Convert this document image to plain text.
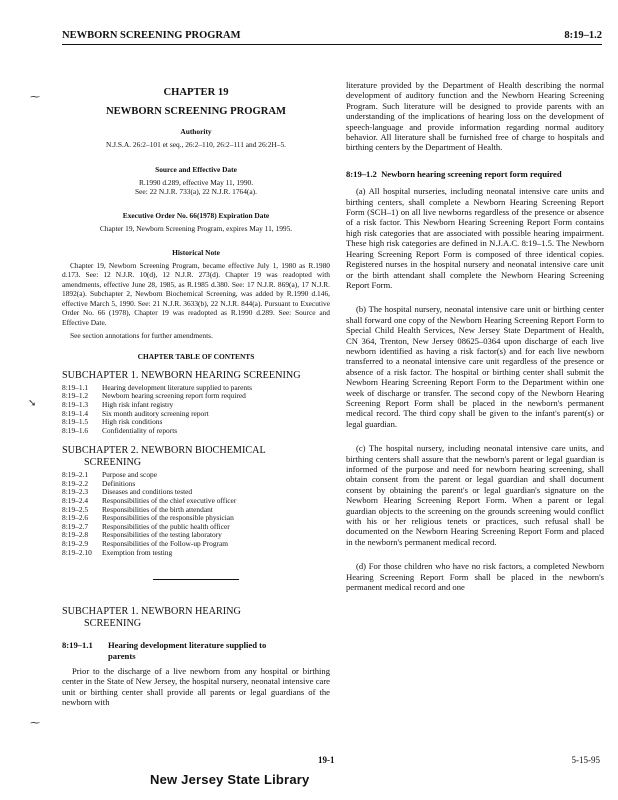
NEWBORN SCREENING PROGRAM	8:19–1.2
⁓
➘
⁓
CHAPTER 19
NEWBORN SCREENING PROGRAM
Authority
N.J.S.A. 26:2–101 et seq., 26:2–110, 26:2–111 and 26:2H–5.
Source and Effective Date
R.1990 d.289, effective May 11, 1990.
See: 22 N.J.R. 733(a), 22 N.J.R. 1764(a).
Executive Order No. 66(1978) Expiration Date
Chapter 19, Newborn Screening Program, expires May 11, 1995.
Historical Note
Chapter 19, Newborn Screening Program, became effective July 1, 1980 as R.1980 d.173. See: 12 N.J.R. 10(d), 12 N.J.R. 273(d). Chapter 19 was readopted with amendments, effective June 28, 1985, as R.1985 d.380. See: 17 N.J.R. 869(a), 17 N.J.R. 1892(a). Subchapter 2, Newborn Biochemical Screening, was added by R.1990 d.146, effective March 5, 1990. See: 21 N.J.R. 3633(b), 22 N.J.R. 844(a). Pursuant to Executive Order No. 66 (1978), Chapter 19 was readopted as R.1990 d.289. See: Source and Effective Date.
See section annotations for further amendments.
CHAPTER TABLE OF CONTENTS
SUBCHAPTER 1. NEWBORN HEARING SCREENING
8:19–1.1	Hearing development literature supplied to parents
8:19–1.2	Newborn hearing screening report form required
8:19–1.3	High risk infant registry
8:19–1.4	Six month auditory screening report
8:19–1.5	High risk conditions
8:19–1.6	Confidentiality of reports
SUBCHAPTER 2. NEWBORN BIOCHEMICAL
SCREENING
8:19–2.1	Purpose and scope
8:19–2.2	Definitions
8:19–2.3	Diseases and conditions tested
8:19–2.4	Responsibilities of the chief executive officer
8:19–2.5	Responsibilities of the birth attendant
8:19–2.6	Responsibilities of the responsible physician
8:19–2.7	Responsibilities of the public health officer
8:19–2.8	Responsibilities of the testing laboratory
8:19–2.9	Responsibilities of the Follow-up Program
8:19–2.10	Exemption from testing
SUBCHAPTER 1. NEWBORN HEARING
SCREENING
8:19–1.1	Hearing development literature supplied to
parents

Prior to the discharge of a live newborn from any hospital or birthing center in the State of New Jersey, the hospital nursery, neonatal intensive care unit or birthing center shall provide all parents or legal guardians of the newborn with

literature provided by the Department of Health describing the normal development of auditory function and the Newborn Hearing Screening Program. Such literature will be designed to provide parents with an understanding of the implications of hearing loss on the development of speech-language and provide information regarding normal auditory behavior. All literature shall be furnished free of charge to hospitals and birthing centers by the Department of Health.

8:19–1.2 Newborn hearing screening report form required

(a) All hospital nurseries, including neonatal intensive care units and birthing centers, shall complete a Newborn Hearing Screening Report Form (SCH–1) on all live newborns regardless of the presence or absence of a risk factor. This Newborn Hearing Screening Report Form contains high risk categories that are associated with possible hearing impairment. These high risk categories are defined in N.J.A.C. 8:19–1.5. The Newborn Hearing Screening Report Form is composed of three identical copies. Registered nurses in the hospital nursery and neonatal intensive care unit or the birth attendant shall complete the Newborn Hearing Screening Report Form.

(b) The hospital nursery, neonatal intensive care unit or birthing center shall forward one copy of the Newborn Hearing Screening Report Form to Special Child Health Services, New Jersey State Department of Health, CN 364, Trenton, New Jersey 08625–0364 upon discharge of each live newborn identified as having a risk factor(s) and for each live newborn transferred to a neonatal intensive care unit regardless of the presence or absence of a risk factor. The hospital or birthing center shall submit the Newborn Hearing Screening Report Form to the Department within one week of discharge or transfer. The second copy of the Newborn Hearing Screening Report Form shall be placed in the newborn's permanent medical record. The third copy shall be given to the infant's parent(s) or legal guardian.

(c) The hospital nursery, including neonatal intensive care units, and birthing centers shall assure that the newborn's parent or legal guardian is informed of the purpose and need for newborn hearing screening, shall obtain consent from the parent or legal guardian and shall document consent by obtaining the parent's or legal guardian's signature on the Newborn Hearing Screening Report Form. When a parent or legal guardian objects to the screening on the grounds screening would conflict with his or her religious tenets or practices, such refusal shall be documented on the Newborn Hearing Screening Report Form and placed in the newborn's permanent medical record.

(d) For those children who have no risk factors, a completed Newborn Hearing Screening Report Form shall be placed in the newborn's permanent medical record and one

19-1	5-15-95
New Jersey State Library
